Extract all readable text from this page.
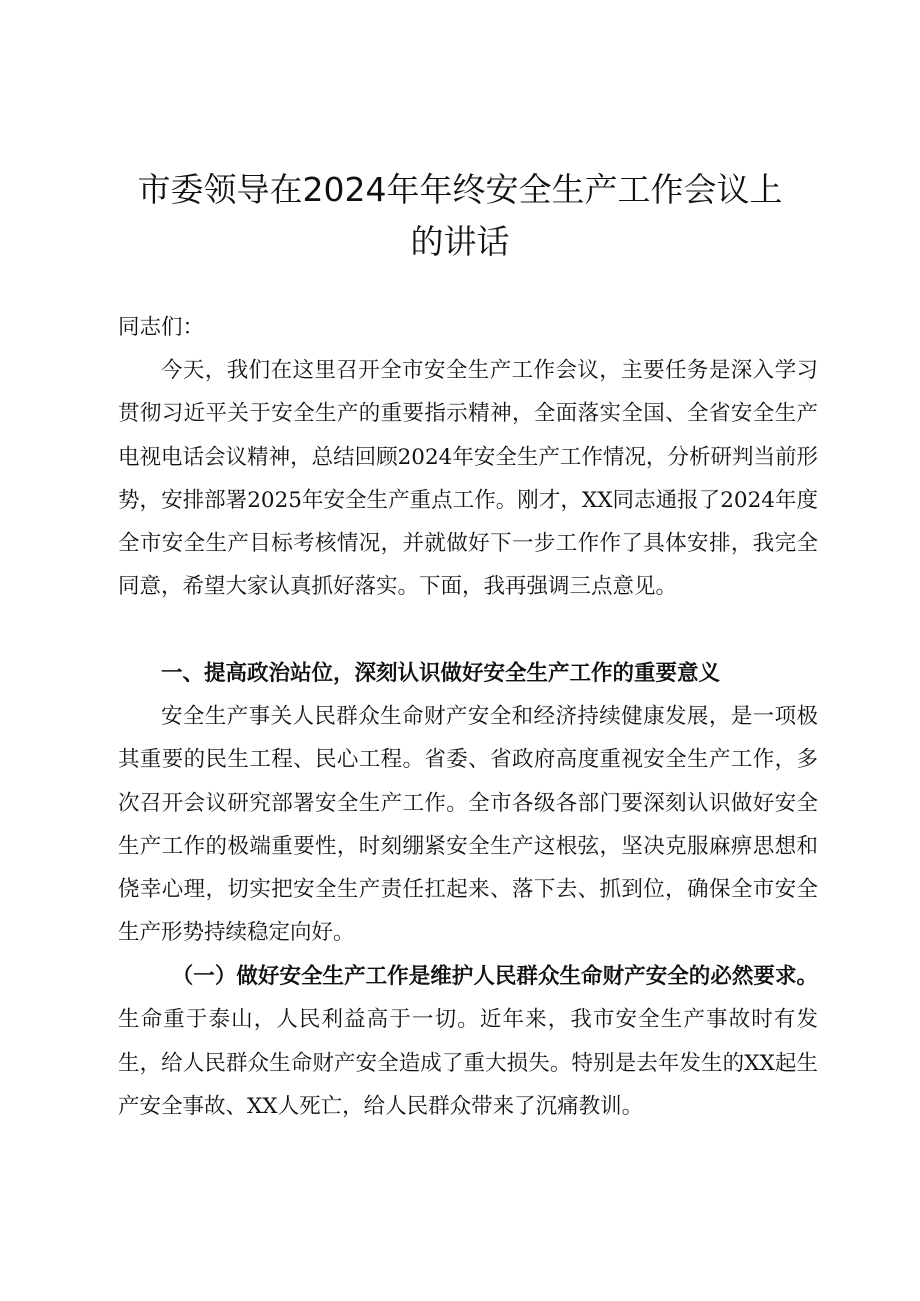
市委领导在2024年年终安全生产工作会议上
的讲话
同志们：
今天，我们在这里召开全市安全生产工作会议，主要任务是深入学习贯彻习近平关于安全生产的重要指示精神，全面落实全国、全省安全生产电视电话会议精神，总结回顾2024年安全生产工作情况，分析研判当前形势，安排部署2025年安全生产重点工作。刚才，XX同志通报了2024年度全市安全生产目标考核情况，并就做好下一步工作作了具体安排，我完全同意，希望大家认真抓好落实。下面，我再强调三点意见。
一、提高政治站位，深刻认识做好安全生产工作的重要意义
安全生产事关人民群众生命财产安全和经济持续健康发展，是一项极其重要的民生工程、民心工程。省委、省政府高度重视安全生产工作，多次召开会议研究部署安全生产工作。全市各级各部门要深刻认识做好安全生产工作的极端重要性，时刻绷紧安全生产这根弦，坚决克服麻痹思想和侥幸心理，切实把安全生产责任扛起来、落下去、抓到位，确保全市安全生产形势持续稳定向好。
（一）做好安全生产工作是维护人民群众生命财产安全的必然要求。生命重于泰山，人民利益高于一切。近年来，我市安全生产事故时有发生，给人民群众生命财产安全造成了重大损失。特别是去年发生的XX起生产安全事故、XX人死亡，给人民群众带来了沉痛教训。
